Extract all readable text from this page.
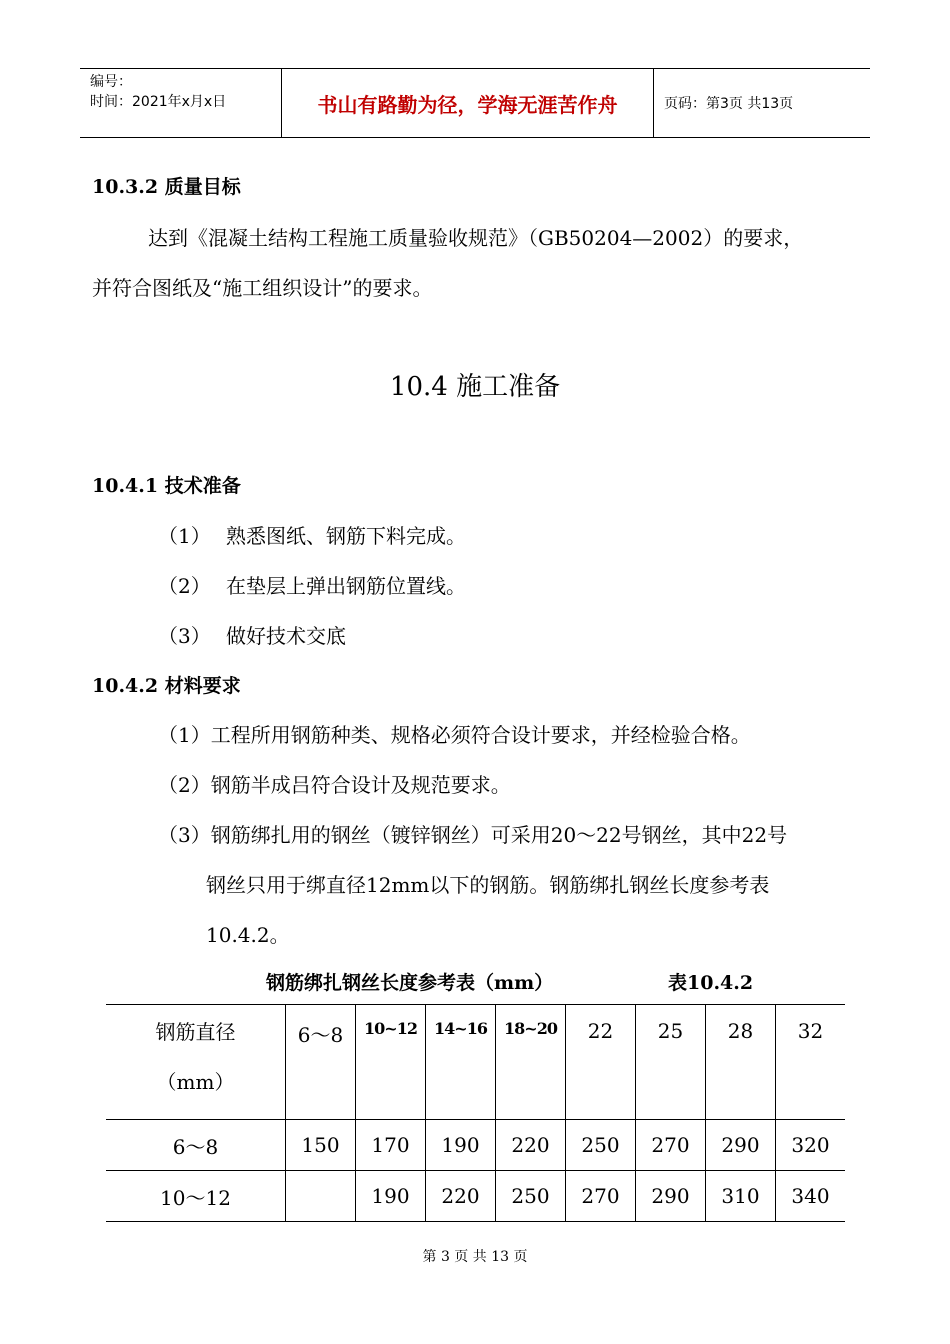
编号：
时间：2021年x月x日	书山有路勤为径，学海无涯苦作舟	页码：第3页 共13页
10.3.2 质量目标
达到《混凝土结构工程施工质量验收规范》（GB50204—2002）的要求，
并符合图纸及“施工组织设计”的要求。
10.4 施工准备
10.4.1 技术准备
（1） 熟悉图纸、钢筋下料完成。
（2） 在垫层上弹出钢筋位置线。
（3） 做好技术交底
10.4.2 材料要求
（1）工程所用钢筋种类、规格必须符合设计要求，并经检验合格。
（2）钢筋半成吕符合设计及规范要求。
（3）钢筋绑扎用的钢丝（镀锌钢丝）可采用20～22号钢丝，其中22号
钢丝只用于绑直径12mm以下的钢筋。钢筋绑扎钢丝长度参考表
10.4.2。
钢筋绑扎钢丝长度参考表（mm）	表10.4.2
钢筋直径
（mm）	6～8	10~12	14~16	18~20	22	25	28	32
6～8	150	170	190	220	250	270	290	320
10～12		190	220	250	270	290	310	340
第 3 页 共 13 页
